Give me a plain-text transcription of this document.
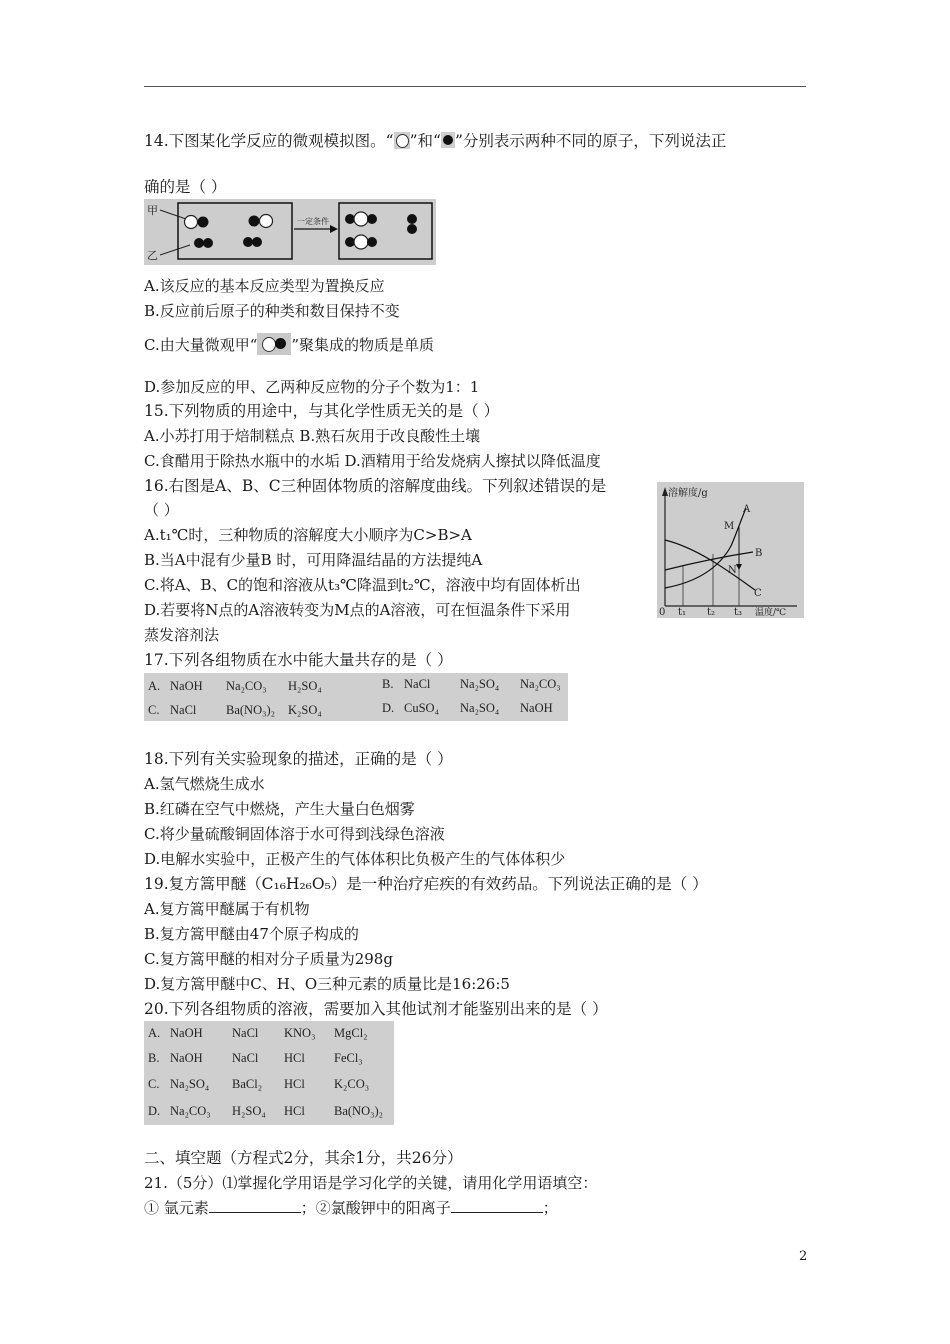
14.下图某化学反应的微观模拟图。“ ”和“ ”分别表示两种不同的原子，下列说法正
确的是（ ）
甲
乙
一定条件
A.该反应的基本反应类型为置换反应
B.反应前后原子的种类和数目保持不变
C.由大量微观甲“ ”聚集成的物质是单质
D.参加反应的甲、乙两种反应物的分子个数为1：1
15.下列物质的用途中，与其化学性质无关的是（ ）
A.小苏打用于焙制糕点 B.熟石灰用于改良酸性土壤
C.食醋用于除热水瓶中的水垢 D.酒精用于给发烧病人擦拭以降低温度
16.右图是A、B、C三种固体物质的溶解度曲线。下列叙述错误的是
（ ）
A.t₁℃时，三种物质的溶解度大小顺序为C>B>A
B.当A中混有少量B 时，可用降温结晶的方法提纯A
C.将A、B、C的饱和溶液从t₃℃降温到t₂℃，溶液中均有固体析出
D.若要将N点的A溶液转变为M点的A溶液，可在恒温条件下采用
蒸发溶剂法
溶解度/g
温度/℃
0 t₁ t₂ t₃
A
B
C
M
N
17.下列各组物质在水中能大量共存的是（ ）
A. NaOH Na₂CO₃ H₂SO₄	B. NaCl Na₂SO₄ Na₂CO₃
C. NaCl Ba(NO₃)₂ K₂SO₄	D. CuSO₄ Na₂SO₄ NaOH
18.下列有关实验现象的描述，正确的是（ ）
A.氢气燃烧生成水
B.红磷在空气中燃烧，产生大量白色烟雾
C.将少量硫酸铜固体溶于水可得到浅绿色溶液
D.电解水实验中，正极产生的气体体积比负极产生的气体体积少
19.复方篙甲醚（C₁₆H₂₆O₅）是一种治疗疟疾的有效药品。下列说法正确的是（ ）
A.复方篙甲醚属于有机物
B.复方篙甲醚由47个原子构成的
C.复方篙甲醚的相对分子质量为298g
D.复方篙甲醚中C、H、O三种元素的质量比是16:26:5
20.下列各组物质的溶液，需要加入其他试剂才能鉴别出来的是（ ）
A. NaOH NaCl KNO₃ MgCl₂
B. NaOH NaCl HCl FeCl₃
C. Na₂SO₄ BaCl₂ HCl K₂CO₃
D. Na₂CO₃ H₂SO₄ HCl Ba(NO₃)₂
二、填空题（方程式2分，其余1分，共26分）
21.（5分）⑴掌握化学用语是学习化学的关键，请用化学用语填空：
① 氩元素	；②氯酸钾中的阳离子	；
2
